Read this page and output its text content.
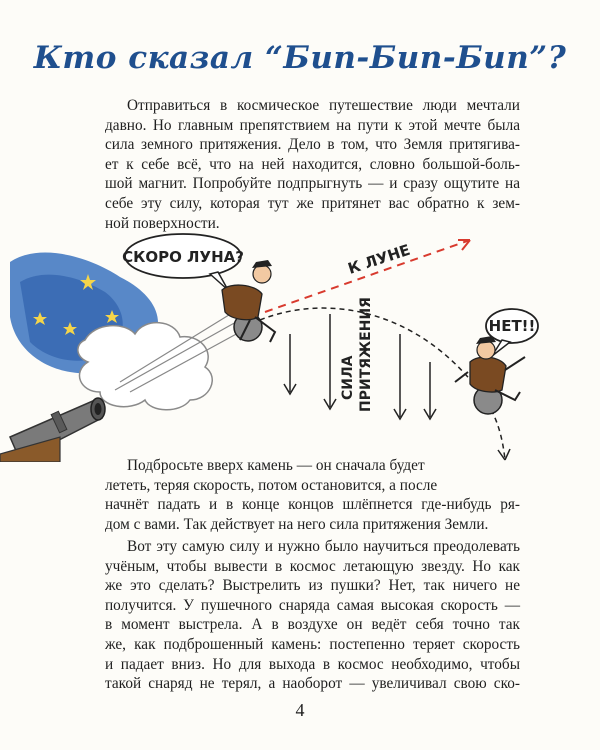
Кто сказал “Бип-Бип-Бип”?

Отправиться в космическое путешествие люди мечтали
давно. Но главным препятствием на пути к этой мечте была
сила земного притяжения. Дело в том, что Земля притягива-
ет к себе всё, что на ней находится, словно большой-боль-
шой магнит. Попробуйте подпрыгнуть — и сразу ощутите на
себе эту силу, которая тут же притянет вас обратно к зем-
ной поверхности.

СКОРО ЛУНА?	К ЛУНЕ
СИЛА ПРИТЯЖЕНИЯ	НЕТ!!

Подбросьте вверх камень — он сначала будет
лететь, теряя скорость, потом остановится, а после

начнёт падать и в конце концов шлёпнется где-нибудь ря-
дом с вами. Так действует на него сила притяжения Земли.

Вот эту самую силу и нужно было научиться преодолевать
учёным, чтобы вывести в космос летающую звезду. Но как
же это сделать? Выстрелить из пушки? Нет, так ничего не
получится. У пушечного снаряда самая высокая скорость —
в момент выстрела. А в воздухе он ведёт себя точно так
же, как подброшенный камень: постепенно теряет скорость
и падает вниз. Но для выхода в космос необходимо, чтобы
такой снаряд не терял, а наоборот — увеличивал свою ско-

4
